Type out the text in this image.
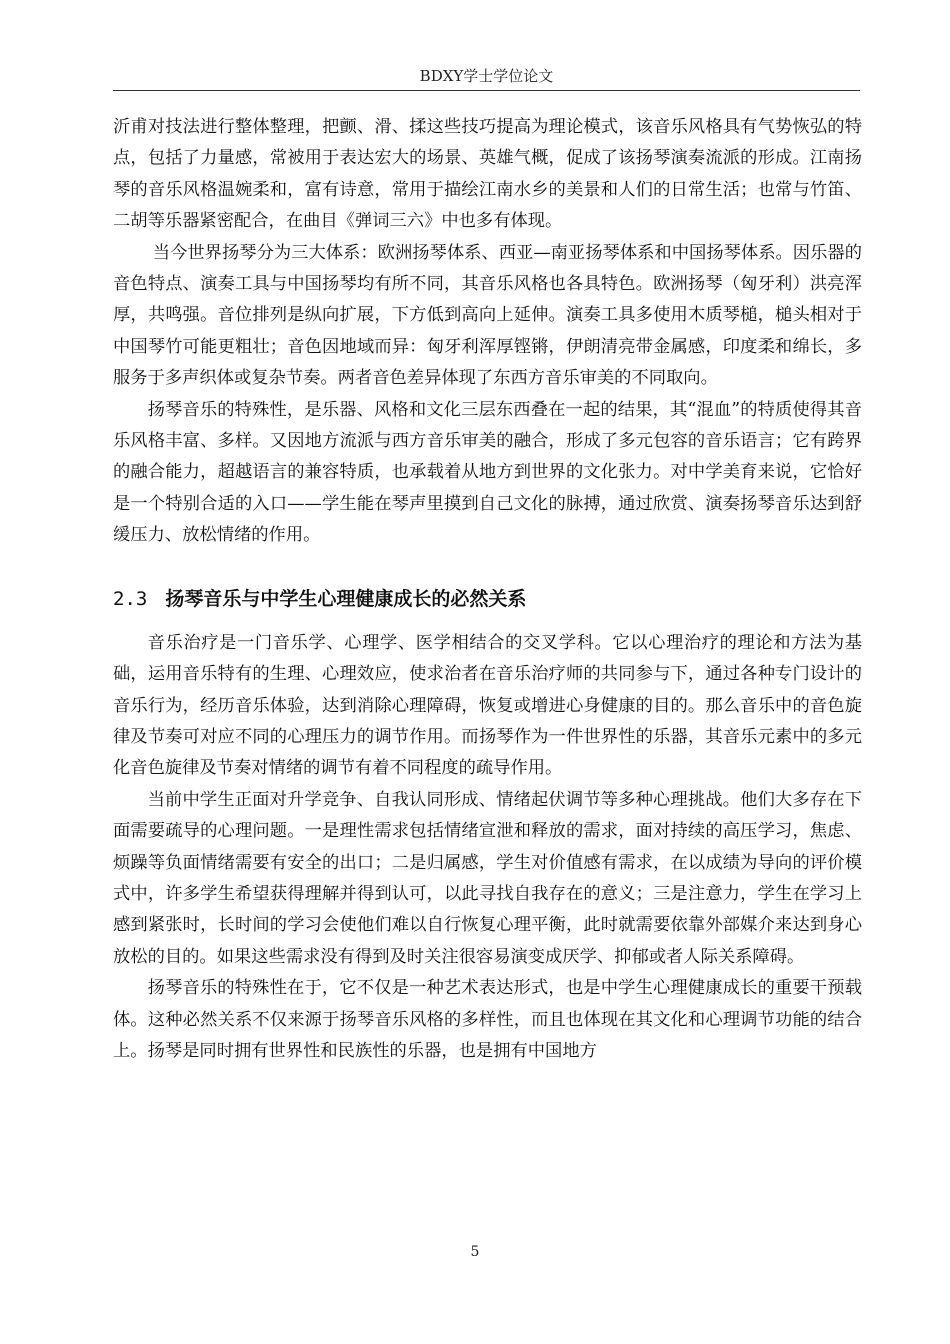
BDXY学士学位论文

沂甫对技法进行整体整理，把颤、滑、揉这些技巧提高为理论模式，该音乐风格具有气势恢弘的特点，包括了力量感，常被用于表达宏大的场景、英雄气概，促成了该扬琴演奏流派的形成。江南扬琴的音乐风格温婉柔和，富有诗意，常用于描绘江南水乡的美景和人们的日常生活；也常与竹笛、二胡等乐器紧密配合，在曲目《弹词三六》中也多有体现。

当今世界扬琴分为三大体系：欧洲扬琴体系、西亚—南亚扬琴体系和中国扬琴体系。因乐器的音色特点、演奏工具与中国扬琴均有所不同，其音乐风格也各具特色。欧洲扬琴（匈牙利）洪亮浑厚，共鸣强。音位排列是纵向扩展，下方低到高向上延伸。演奏工具多使用木质琴槌，槌头相对于中国琴竹可能更粗壮；音色因地域而异：匈牙利浑厚铿锵，伊朗清亮带金属感，印度柔和绵长，多服务于多声织体或复杂节奏。两者音色差异体现了东西方音乐审美的不同取向。

扬琴音乐的特殊性，是乐器、风格和文化三层东西叠在一起的结果，其“混血”的特质使得其音乐风格丰富、多样。又因地方流派与西方音乐审美的融合，形成了多元包容的音乐语言；它有跨界的融合能力，超越语言的兼容特质，也承载着从地方到世界的文化张力。对中学美育来说，它恰好是一个特别合适的入口——学生能在琴声里摸到自己文化的脉搏，通过欣赏、演奏扬琴音乐达到舒缓压力、放松情绪的作用。

2.3 扬琴音乐与中学生心理健康成长的必然关系

音乐治疗是一门音乐学、心理学、医学相结合的交叉学科。它以心理治疗的理论和方法为基础，运用音乐特有的生理、心理效应，使求治者在音乐治疗师的共同参与下，通过各种专门设计的音乐行为，经历音乐体验，达到消除心理障碍，恢复或增进心身健康的目的。那么音乐中的音色旋律及节奏可对应不同的心理压力的调节作用。而扬琴作为一件世界性的乐器，其音乐元素中的多元化音色旋律及节奏对情绪的调节有着不同程度的疏导作用。

当前中学生正面对升学竞争、自我认同形成、情绪起伏调节等多种心理挑战。他们大多存在下面需要疏导的心理问题。一是理性需求包括情绪宣泄和释放的需求，面对持续的高压学习，焦虑、烦躁等负面情绪需要有安全的出口；二是归属感，学生对价值感有需求，在以成绩为导向的评价模式中，许多学生希望获得理解并得到认可，以此寻找自我存在的意义；三是注意力，学生在学习上感到紧张时，长时间的学习会使他们难以自行恢复心理平衡，此时就需要依靠外部媒介来达到身心放松的目的。如果这些需求没有得到及时关注很容易演变成厌学、抑郁或者人际关系障碍。

扬琴音乐的特殊性在于，它不仅是一种艺术表达形式，也是中学生心理健康成长的重要干预载体。这种必然关系不仅来源于扬琴音乐风格的多样性，而且也体现在其文化和心理调节功能的结合上。扬琴是同时拥有世界性和民族性的乐器，也是拥有中国地方

5
